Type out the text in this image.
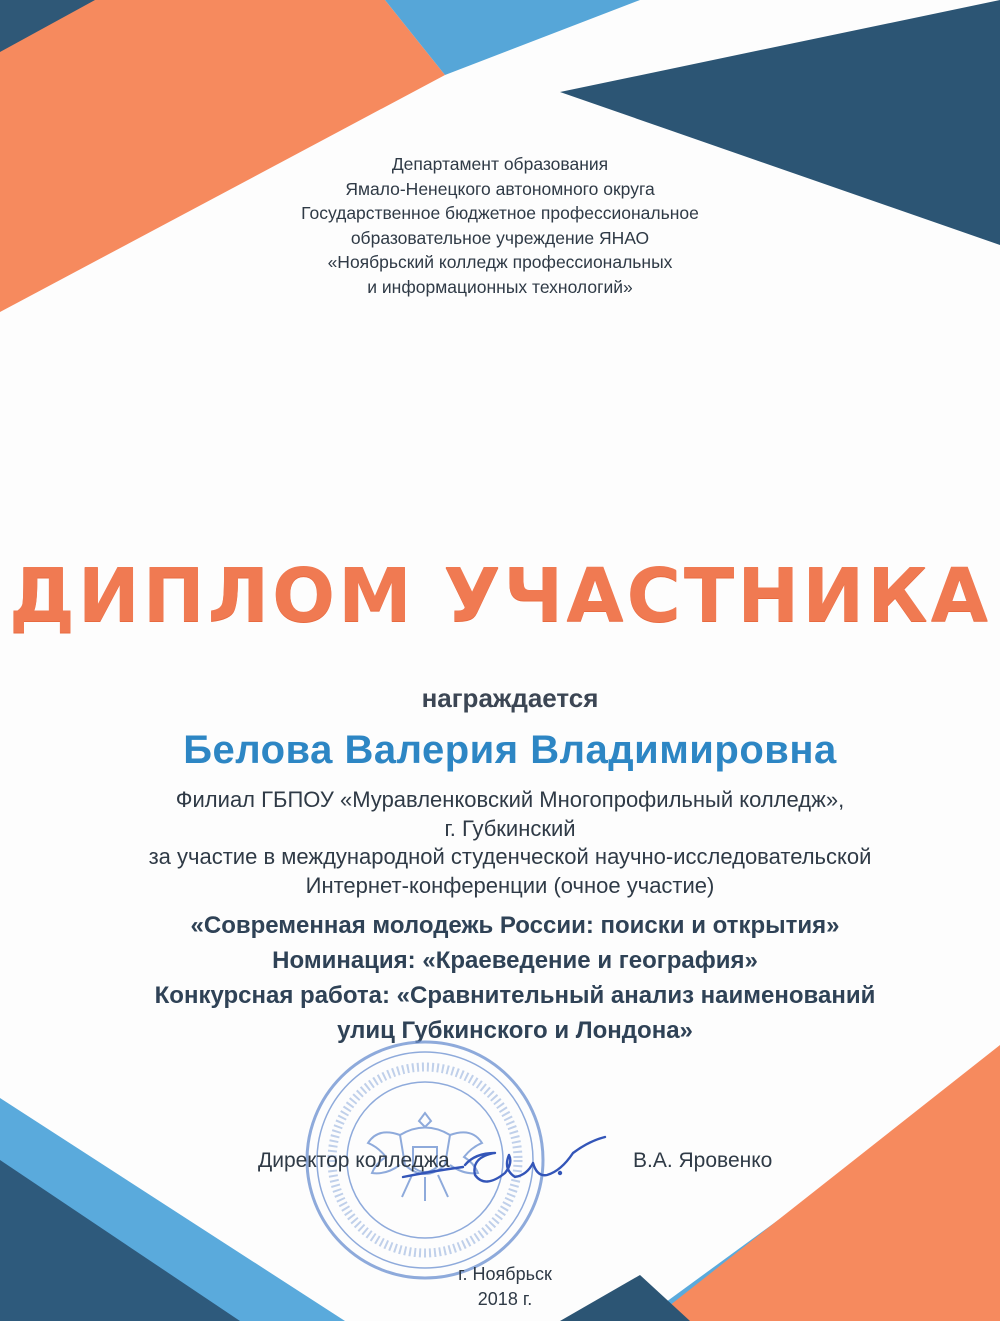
Департамент образования
Ямало-Ненецкого автономного округа
Государственное бюджетное профессиональное
образовательное учреждение ЯНАО
«Ноябрьский колледж профессиональных
и информационных технологий»
ДИПЛОМ УЧАСТНИКА
награждается
Белова Валерия Владимировна
Филиал ГБПОУ «Муравленковский Многопрофильный колледж»,
г. Губкинский
за участие в международной студенческой научно-исследовательской
Интернет-конференции (очное участие)
«Современная молодежь России: поиски и открытия»
Номинация: «Краеведение и география»
Конкурсная работа: «Сравнительный анализ наименований
улиц Губкинского и Лондона»
Директор колледжа	В.А. Яровенко
г. Ноябрьск
2018 г.
